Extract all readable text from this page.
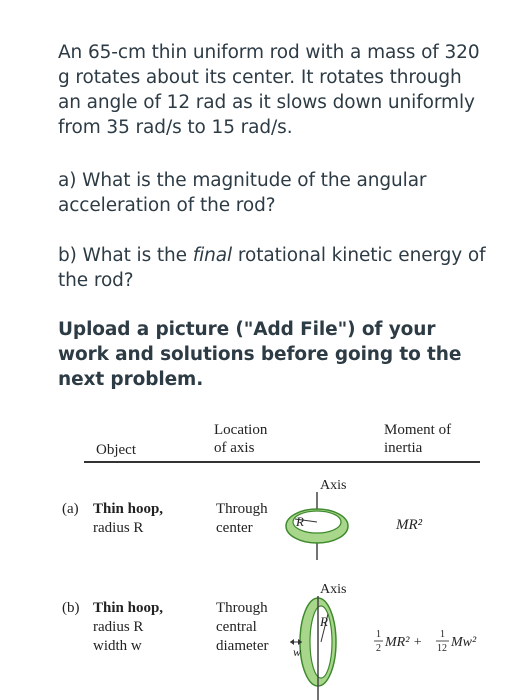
An 65-cm thin uniform rod with a mass of 320 g rotates about its center. It rotates through an angle of 12 rad as it slows down uniformly from 35 rad/s to 15 rad/s.
a) What is the magnitude of the angular acceleration of the rod?
b) What is the final rotational kinetic energy of the rod?
Upload a picture ("Add File") of your work and solutions before going to the next problem.
Object
Location
of axis
Moment of
inertia
(a) Thin hoop,
radius R
Through
center	MR²
Axis
R
(b) Thin hoop,
radius R
width w
Through
central
diameter
1
2 MR² +
1
12 Mw²
Axis
R
w
